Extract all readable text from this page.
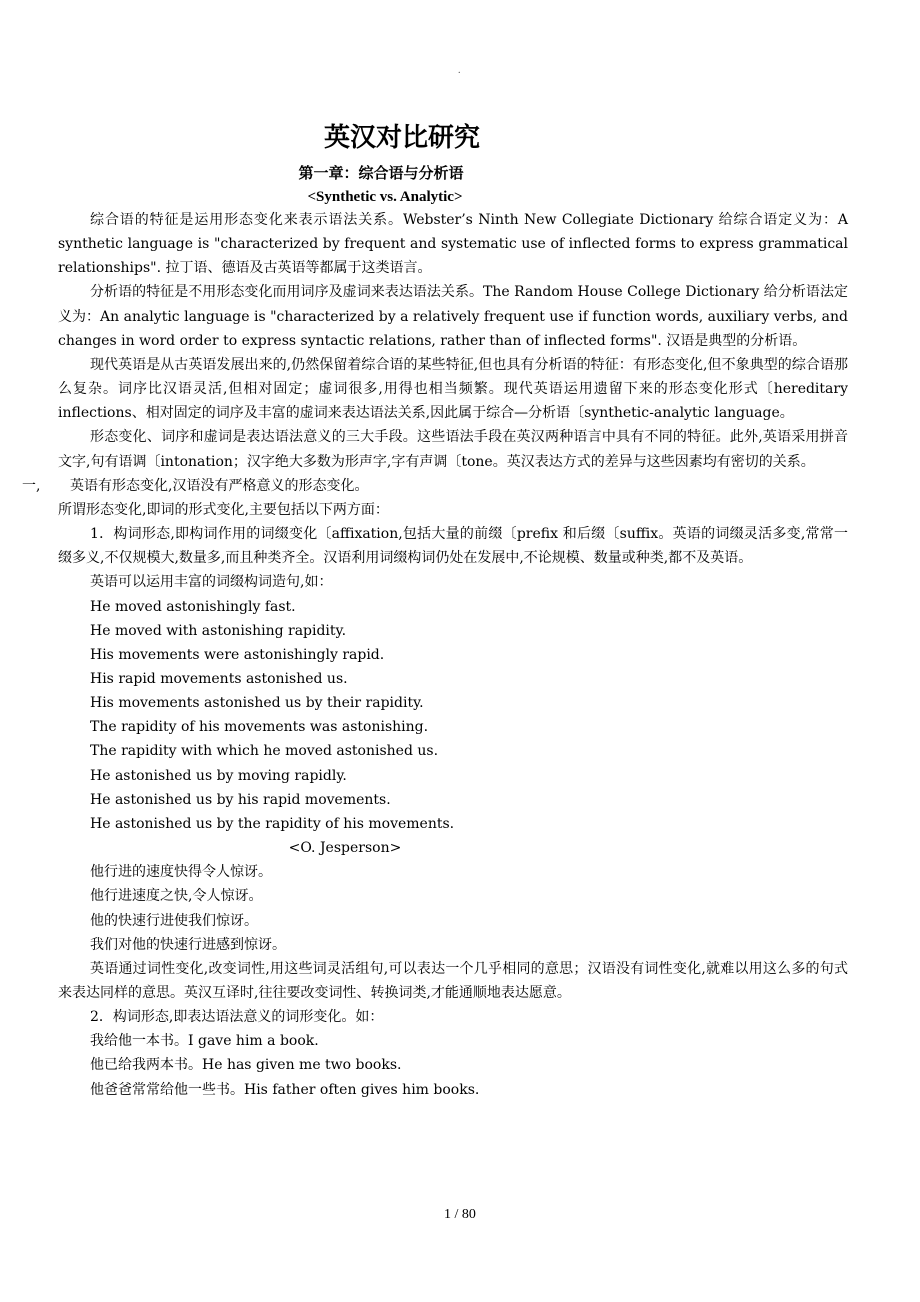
.
英汉对比研究
第一章：综合语与分析语
<Synthetic vs. Analytic>

综合语的特征是运用形态变化来表示语法关系。Webster’s Ninth New Collegiate Dictionary 给综合语定义为：A synthetic language is "characterized by frequent and systematic use of inflected forms to express grammatical relationships". 拉丁语、德语及古英语等都属于这类语言。

分析语的特征是不用形态变化而用词序及虚词来表达语法关系。The Random House College Dictionary 给分析语法定义为：An analytic language is "characterized by a relatively frequent use if function words, auxiliary verbs, and changes in word order to express syntactic relations, rather than of inflected forms". 汉语是典型的分析语。

现代英语是从古英语发展出来的,仍然保留着综合语的某些特征,但也具有分析语的特征：有形态变化,但不象典型的综合语那么复杂。词序比汉语灵活,但相对固定；虚词很多,用得也相当频繁。现代英语运用遗留下来的形态变化形式〔hereditary inflections、相对固定的词序及丰富的虚词来表达语法关系,因此属于综合—分析语〔synthetic-analytic language。

形态变化、词序和虚词是表达语法意义的三大手段。这些语法手段在英汉两种语言中具有不同的特征。此外,英语采用拼音文字,句有语调〔intonation；汉字绝大多数为形声字,字有声调〔tone。英汉表达方式的差异与这些因素均有密切的关系。

一, 英语有形态变化,汉语没有严格意义的形态变化。

所谓形态变化,即词的形式变化,主要包括以下两方面：

1．构词形态,即构词作用的词缀变化〔affixation,包括大量的前缀〔prefix 和后缀〔suffix。英语的词缀灵活多变,常常一缀多义,不仅规模大,数量多,而且种类齐全。汉语利用词缀构词仍处在发展中,不论规模、数量或种类,都不及英语。

英语可以运用丰富的词缀构词造句,如：

He moved astonishingly fast.

He moved with astonishing rapidity.

His movements were astonishingly rapid.

His rapid movements astonished us.

His movements astonished us by their rapidity.

The rapidity of his movements was astonishing.

The rapidity with which he moved astonished us.

He astonished us by moving rapidly.

He astonished us by his rapid movements.

He astonished us by the rapidity of his movements.

<O. Jesperson>

他行进的速度快得令人惊讶。

他行进速度之快,令人惊讶。

他的快速行进使我们惊讶。

我们对他的快速行进感到惊讶。

英语通过词性变化,改变词性,用这些词灵活组句,可以表达一个几乎相同的意思；汉语没有词性变化,就难以用这么多的句式来表达同样的意思。英汉互译时,往往要改变词性、转换词类,才能通顺地表达愿意。

2．构词形态,即表达语法意义的词形变化。如：

我给他一本书。I gave him a book.

他已给我两本书。He has given me two books.

他爸爸常常给他一些书。His father often gives him books.

1 / 80
